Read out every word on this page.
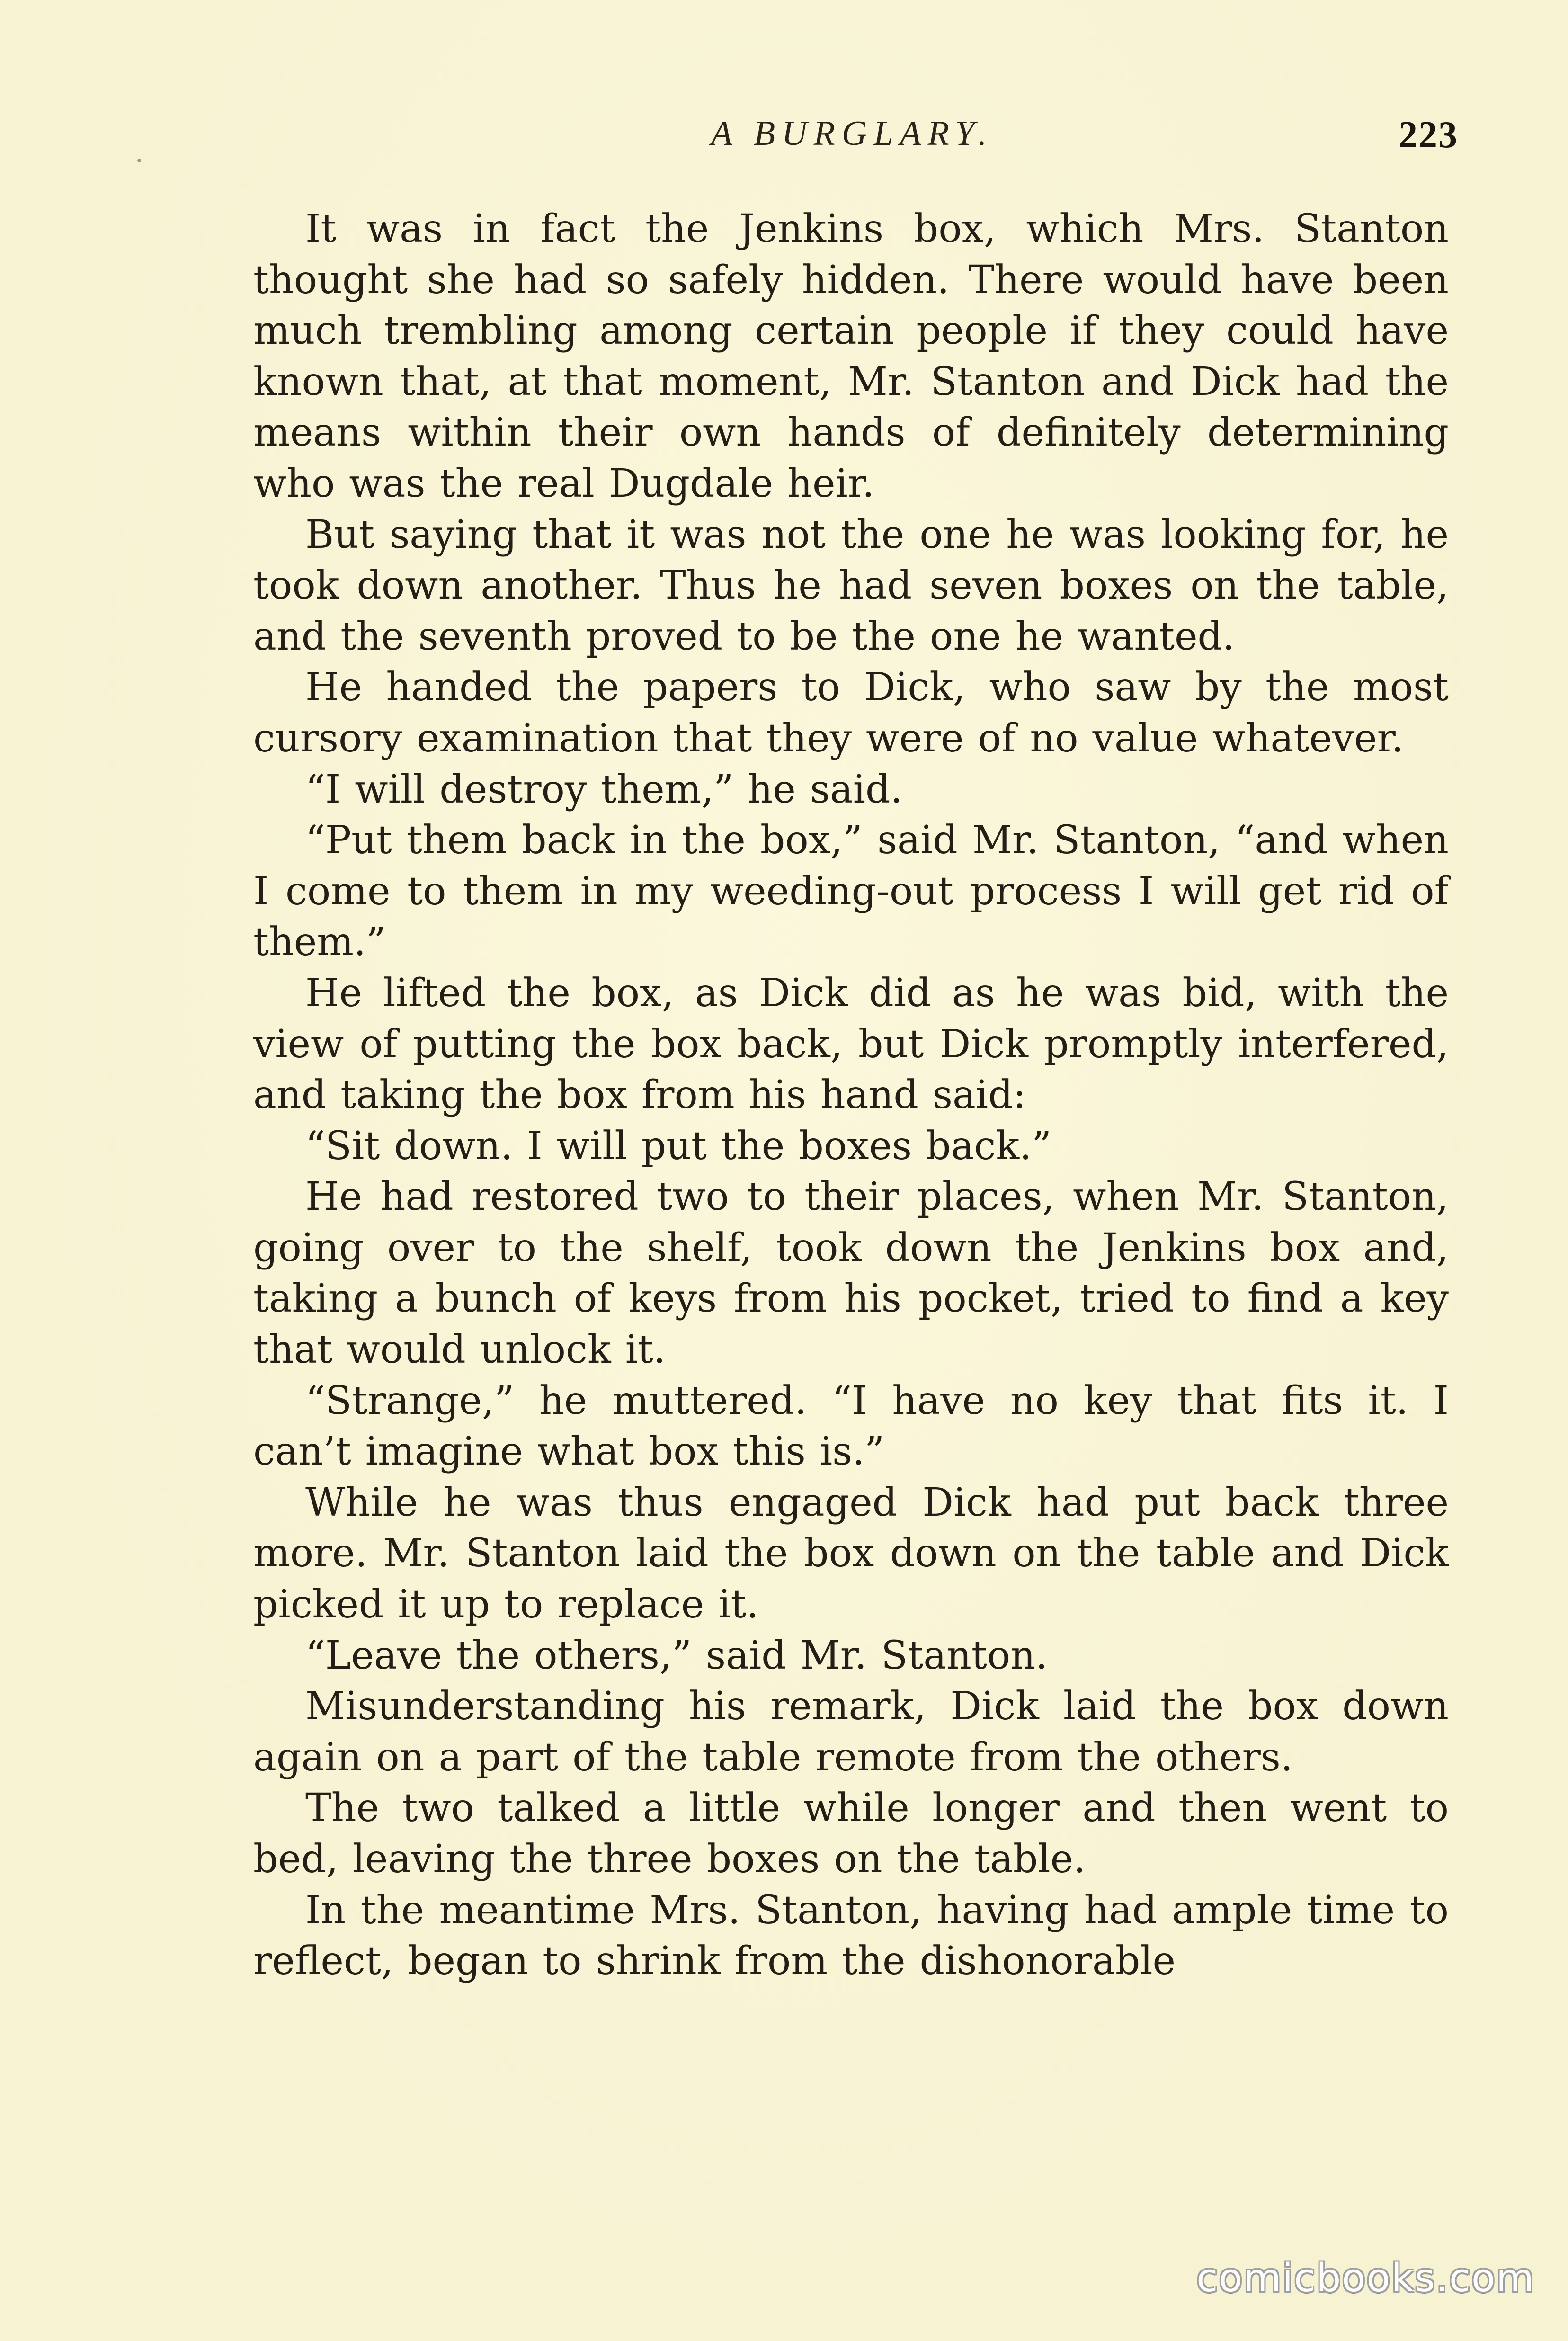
A BURGLARY.	223

It was in fact the Jenkins box, which Mrs. Stanton thought she had so safely hidden. There would have been much trembling among certain people if they could have known that, at that moment, Mr. Stanton and Dick had the means within their own hands of definitely determining who was the real Dugdale heir.

But saying that it was not the one he was looking for, he took down another. Thus he had seven boxes on the table, and the seventh proved to be the one he wanted.

He handed the papers to Dick, who saw by the most cursory examination that they were of no value whatever.

“I will destroy them,” he said.

“Put them back in the box,” said Mr. Stanton, “and when I come to them in my weeding-out process I will get rid of them.”

He lifted the box, as Dick did as he was bid, with the view of putting the box back, but Dick promptly interfered, and taking the box from his hand said:

“Sit down. I will put the boxes back.”

He had restored two to their places, when Mr. Stanton, going over to the shelf, took down the Jenkins box and, taking a bunch of keys from his pocket, tried to find a key that would unlock it.

“Strange,” he muttered. “I have no key that fits it. I can’t imagine what box this is.”

While he was thus engaged Dick had put back three more. Mr. Stanton laid the box down on the table and Dick picked it up to replace it.

“Leave the others,” said Mr. Stanton.

Misunderstanding his remark, Dick laid the box down again on a part of the table remote from the others.

The two talked a little while longer and then went to bed, leaving the three boxes on the table.

In the meantime Mrs. Stanton, having had ample time to reflect, began to shrink from the dishonorable

comicbooks.com
